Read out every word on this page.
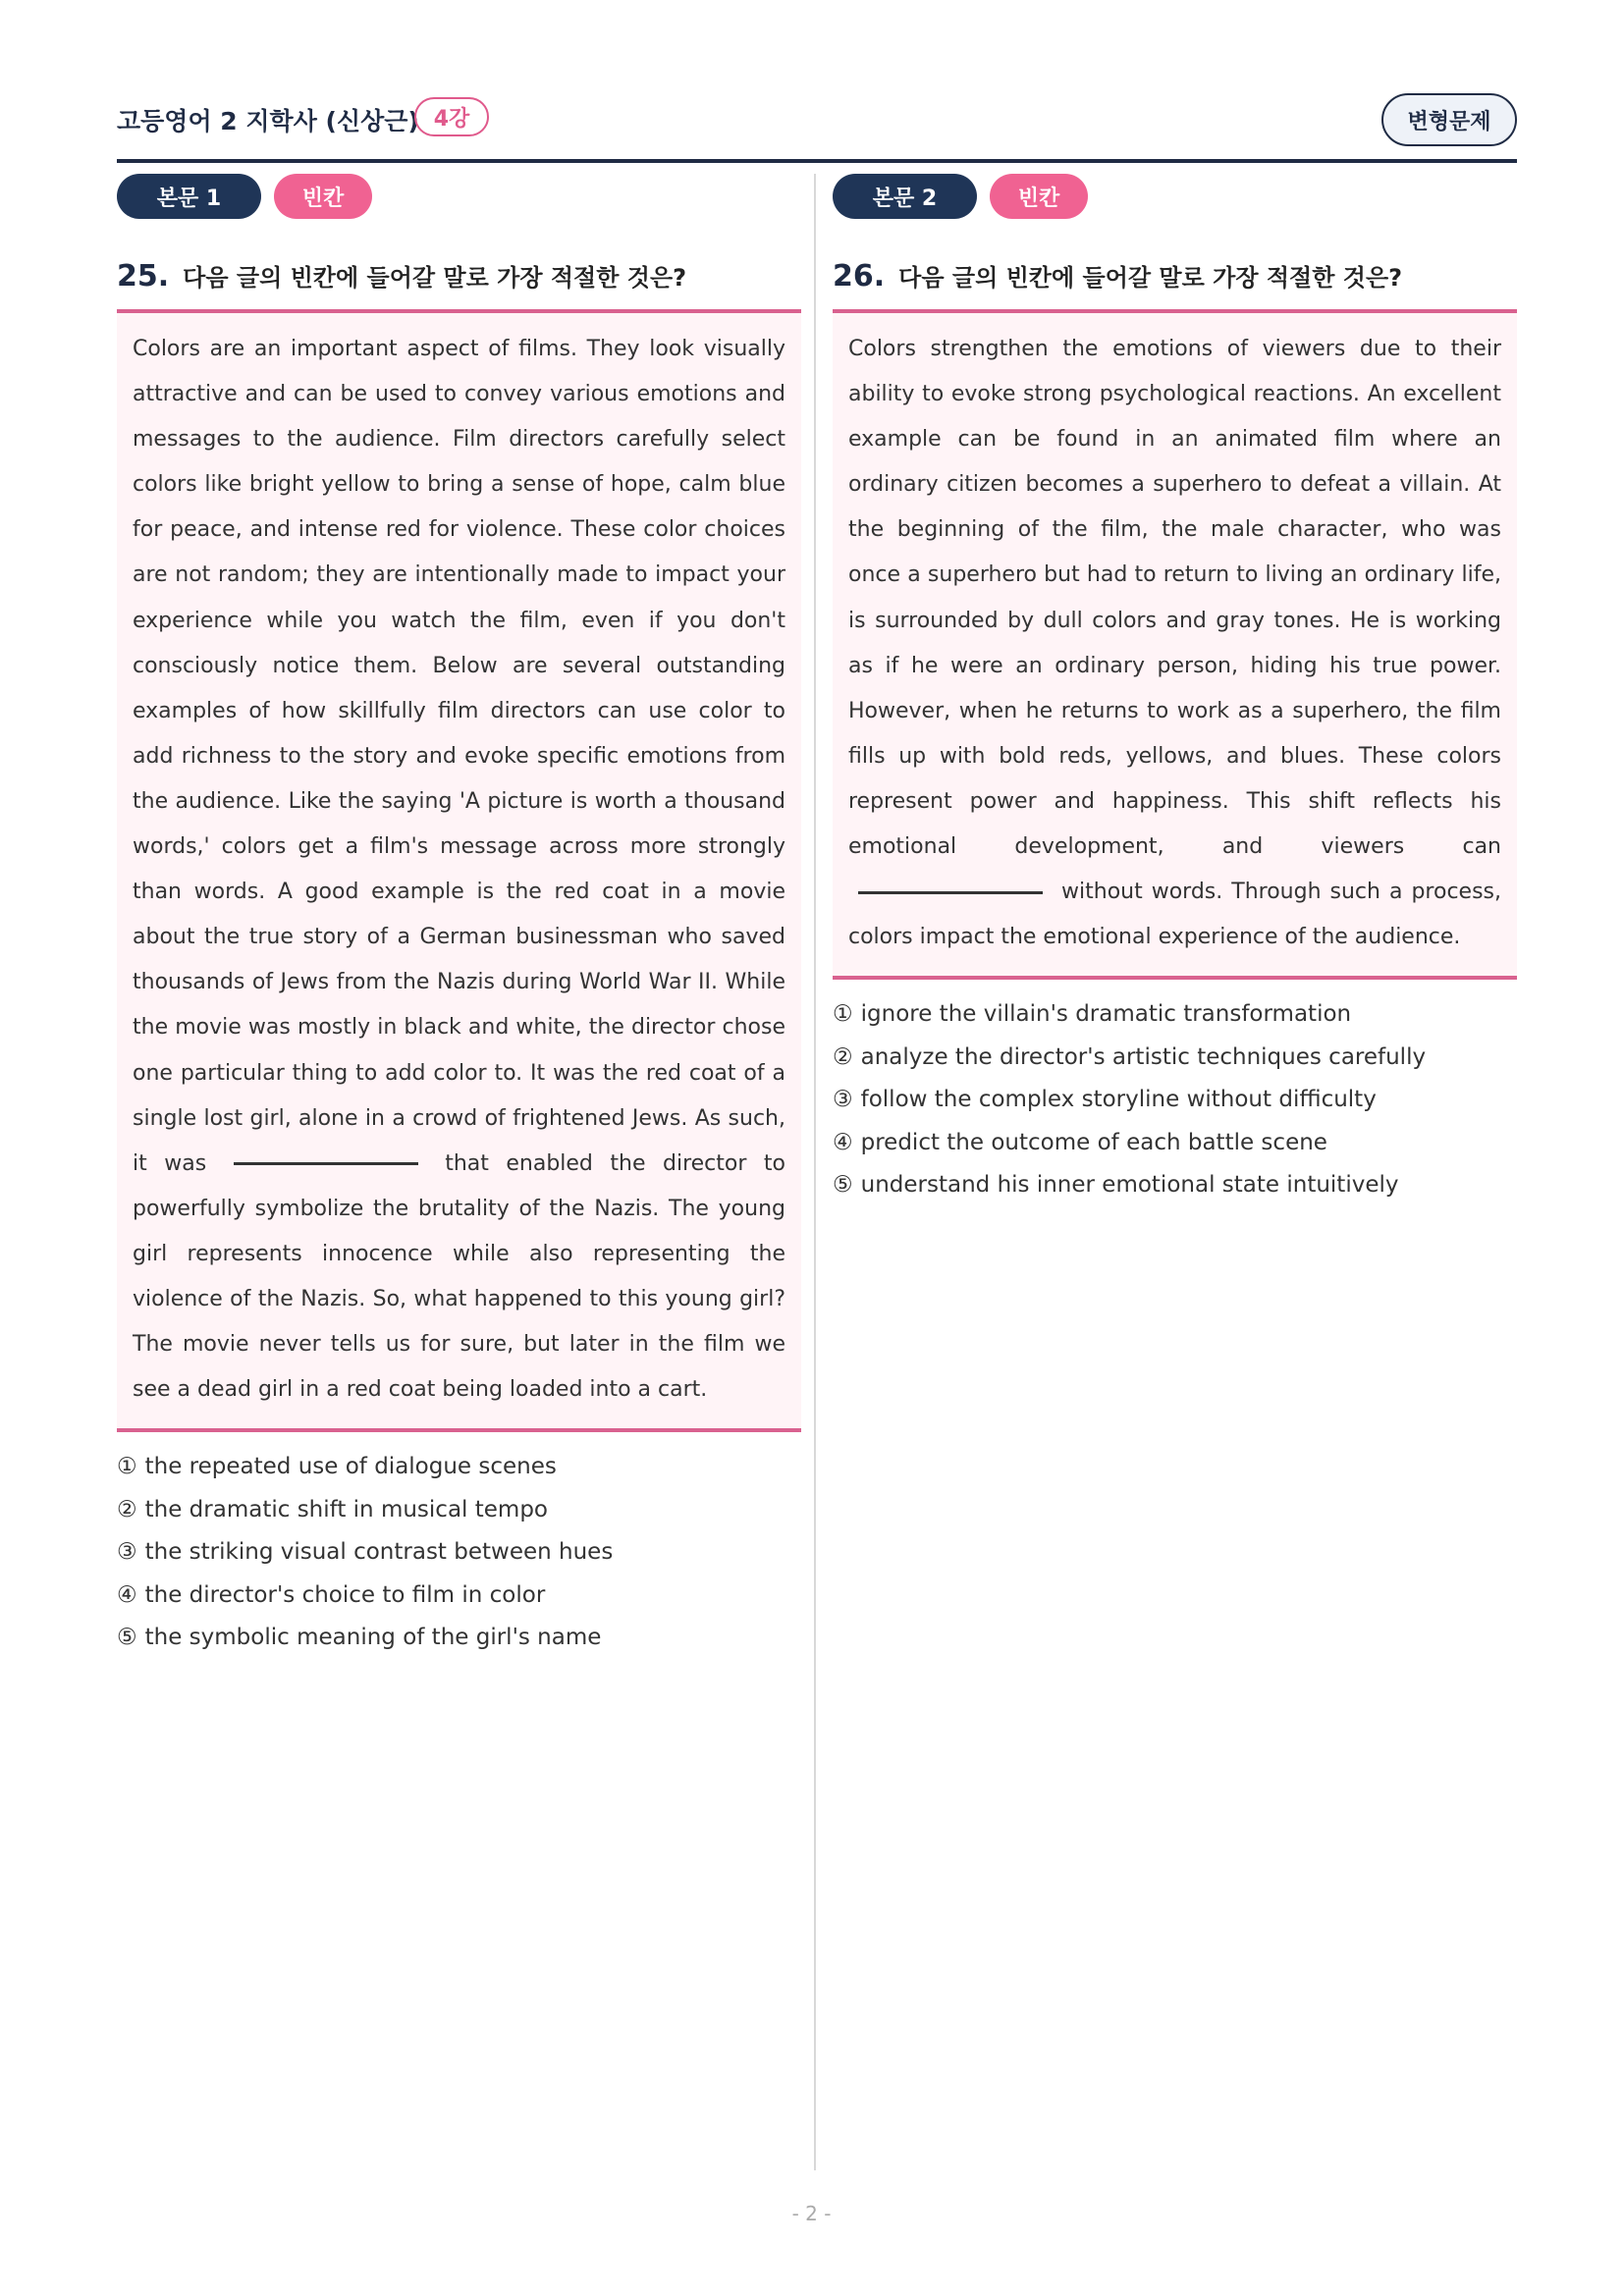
고등영어 2 지학사 (신상근) 4강	변형문제
본문 1	빈칸
25. 다음 글의 빈칸에 들어갈 말로 가장 적절한 것은?

Colors are an important aspect of films. They look visually attractive and can be used to convey various emotions and messages to the audience. Film directors carefully select colors like bright yellow to bring a sense of hope, calm blue for peace, and intense red for violence. These color choices are not random; they are intentionally made to impact your experience while you watch the film, even if you don't consciously notice them. Below are several outstanding examples of how skillfully film directors can use color to add richness to the story and evoke specific emotions from the audience. Like the saying 'A picture is worth a thousand words,' colors get a film's message across more strongly than words. A good example is the red coat in a movie about the true story of a German businessman who saved thousands of Jews from the Nazis during World War II. While the movie was mostly in black and white, the director chose one particular thing to add color to. It was the red coat of a single lost girl, alone in a crowd of frightened Jews. As such, it was	that enabled the director to powerfully symbolize the brutality of the Nazis. The young girl represents innocence while also representing the violence of the Nazis. So, what happened to this young girl? The movie never tells us for sure, but later in the film we see a dead girl in a red coat being loaded into a cart.

① the repeated use of dialogue scenes
② the dramatic shift in musical tempo
③ the striking visual contrast between hues
④ the director's choice to film in color
⑤ the symbolic meaning of the girl's name
본문 2	빈칸
26. 다음 글의 빈칸에 들어갈 말로 가장 적절한 것은?

Colors strengthen the emotions of viewers due to their ability to evoke strong psychological reactions. An excellent example can be found in an animated film where an ordinary citizen becomes a superhero to defeat a villain. At the beginning of the film, the male character, who was once a superhero but had to return to living an ordinary life, is surrounded by dull colors and gray tones. He is working as if he were an ordinary person, hiding his true power. However, when he returns to work as a superhero, the film fills up with bold reds, yellows, and blues. These colors represent power and happiness. This shift reflects his emotional development, and viewers can  without words. Through such a process, colors impact the emotional experience of the audience.

① ignore the villain's dramatic transformation
② analyze the director's artistic techniques carefully
③ follow the complex storyline without difficulty
④ predict the outcome of each battle scene
⑤ understand his inner emotional state intuitively
- 2 -
